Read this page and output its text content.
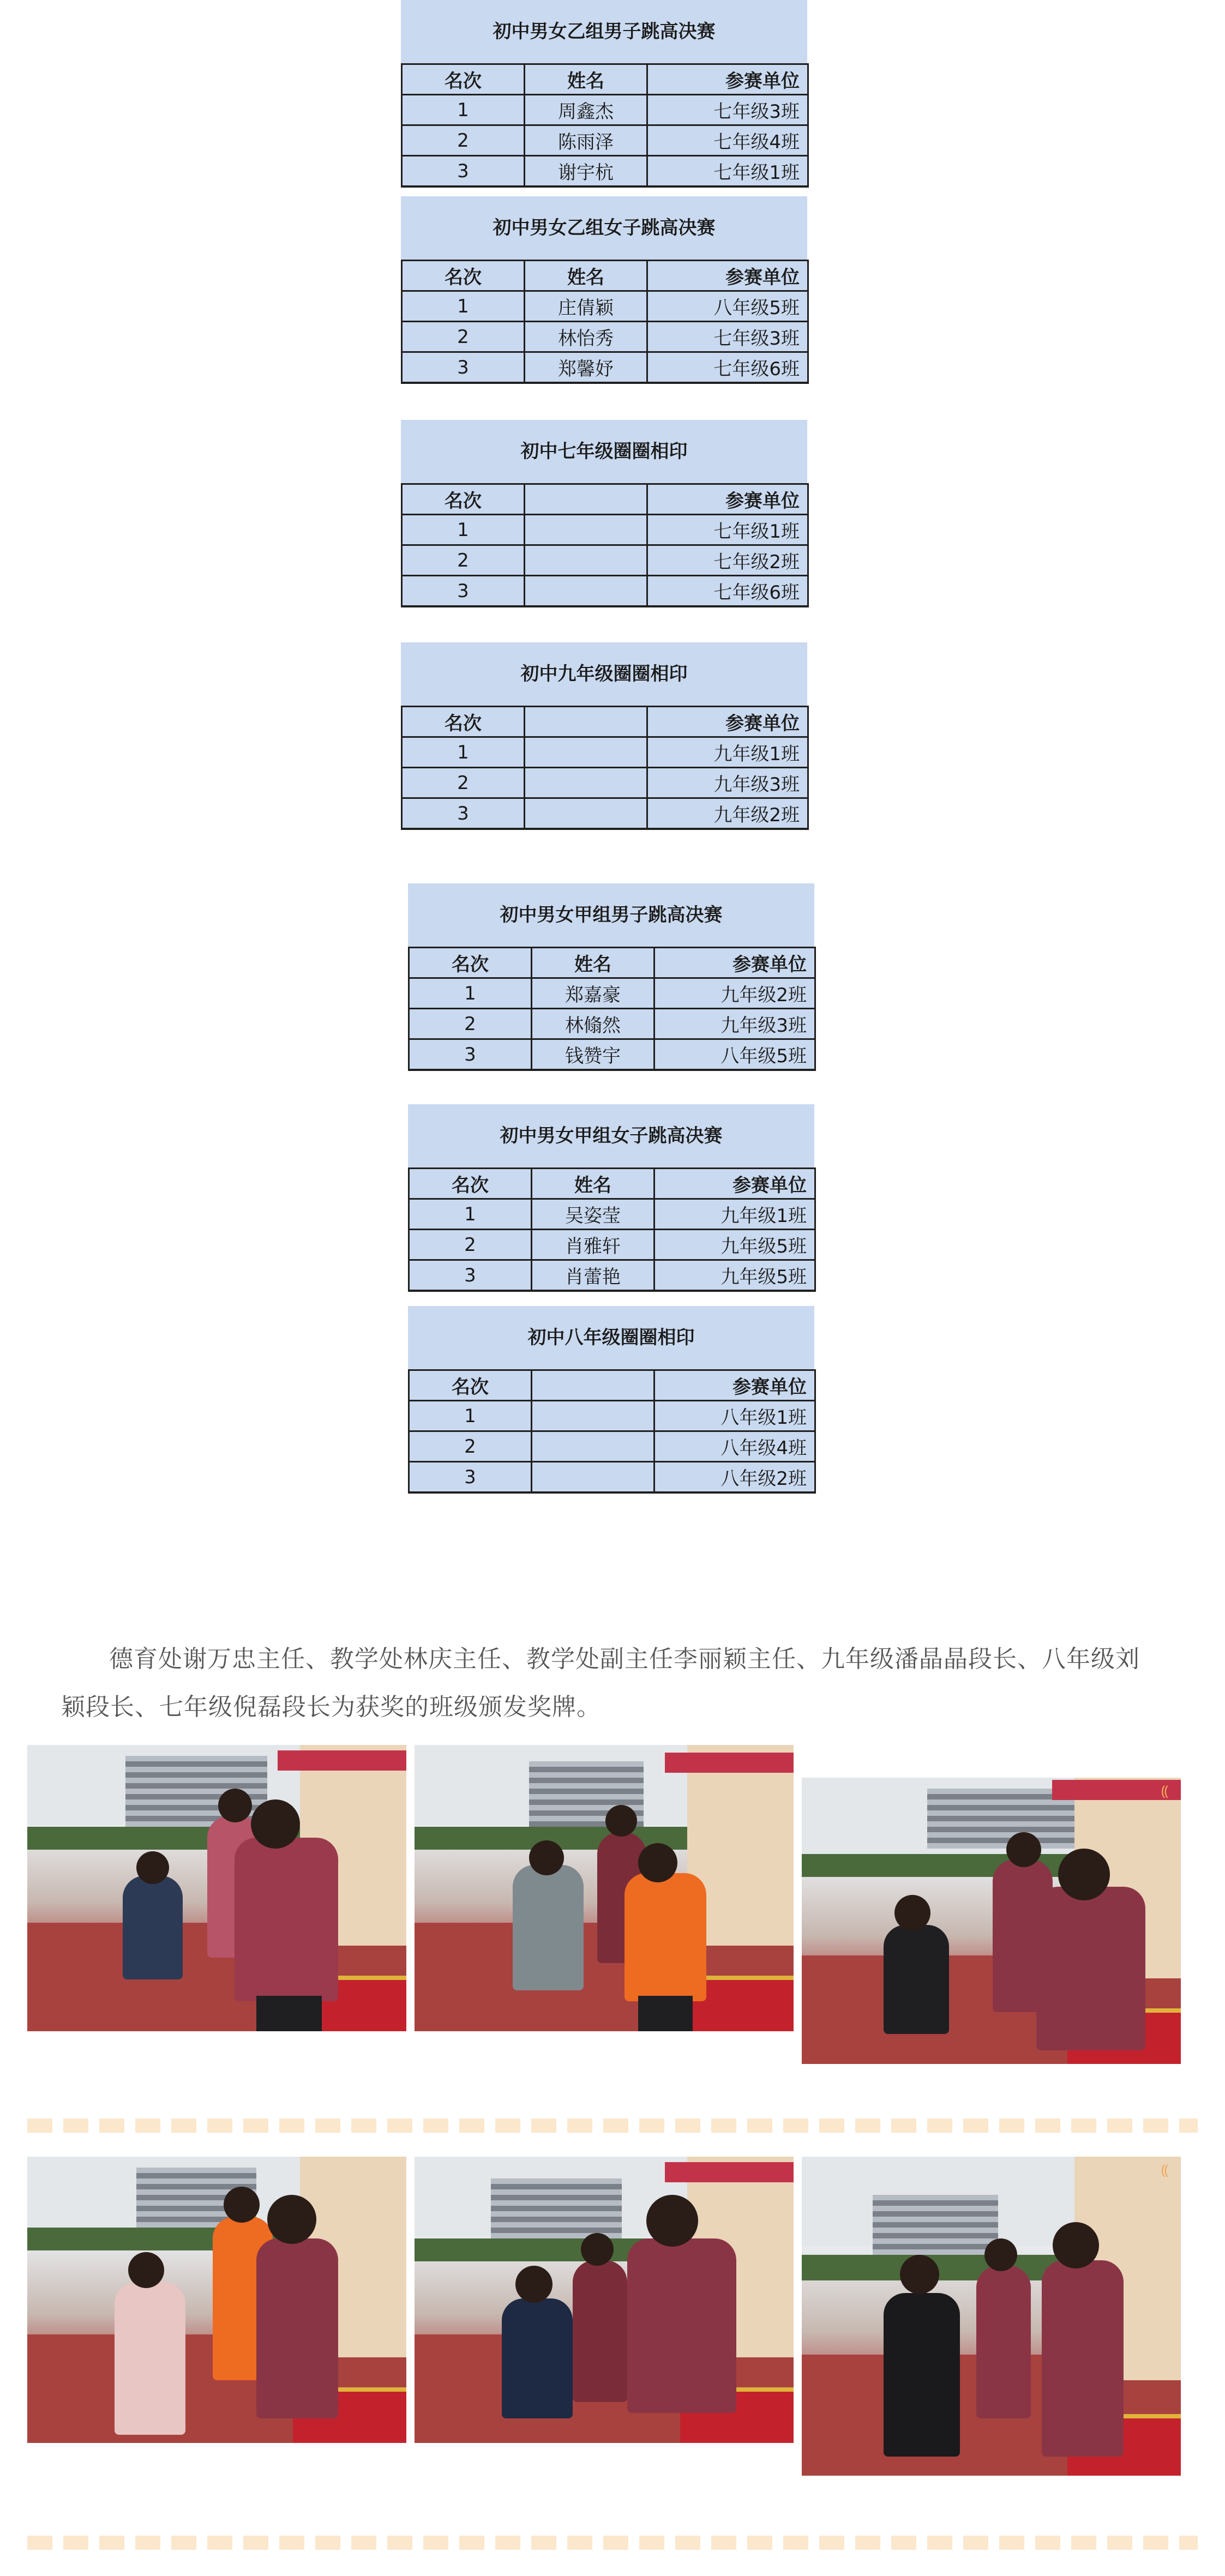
初中男女乙组男子跳高决赛
名次	姓名	参赛单位
1	周鑫杰	七年级3班
2	陈雨泽	七年级4班
3	谢宇杭	七年级1班
初中男女乙组女子跳高决赛
名次	姓名	参赛单位
1	庄倩颖	八年级5班
2	林怡秀	七年级3班
3	郑馨妤	七年级6班
初中七年级圈圈相印
名次		参赛单位
1		七年级1班
2		七年级2班
3		七年级6班
初中九年级圈圈相印
名次		参赛单位
1		九年级1班
2		九年级3班
3		九年级2班
初中男女甲组男子跳高决赛
名次	姓名	参赛单位
1	郑嘉豪	九年级2班
2	林翛然	九年级3班
3	钱赞宇	八年级5班
初中男女甲组女子跳高决赛
名次	姓名	参赛单位
1	吴姿莹	九年级1班
2	肖雅轩	九年级5班
3	肖蕾艳	九年级5班
初中八年级圈圈相印
名次		参赛单位
1		八年级1班
2		八年级4班
3		八年级2班

德育处谢万忠主任、教学处林庆主任、教学处副主任李丽颖主任、九年级潘晶晶段长、八年级刘颖段长、七年级倪磊段长为获奖的班级颁发奖牌。

⸨
⸨
